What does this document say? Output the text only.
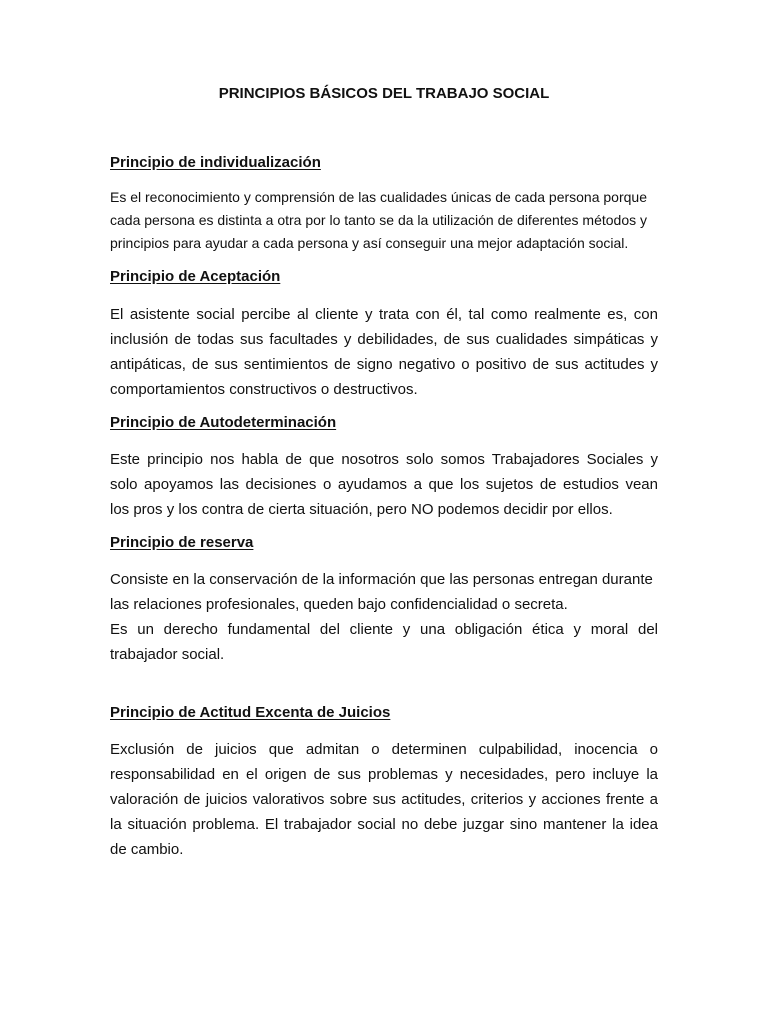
PRINCIPIOS BÁSICOS DEL TRABAJO SOCIAL
Principio de individualización
Es el reconocimiento y comprensión de las cualidades únicas de cada persona porque
cada persona es distinta a otra por lo tanto se da la utilización de diferentes métodos y
principios para ayudar a cada persona y así conseguir una mejor adaptación social.
Principio de Aceptación
El asistente social percibe al cliente y trata con él, tal como realmente es, con
inclusión de todas sus facultades y debilidades, de sus cualidades simpáticas y
antipáticas, de sus sentimientos de signo negativo o positivo de sus actitudes y
comportamientos constructivos o destructivos.
Principio de Autodeterminación
Este principio nos habla de que nosotros solo somos Trabajadores Sociales y
solo apoyamos las decisiones o ayudamos a que los sujetos de estudios vean
los pros y los contra de cierta situación, pero NO podemos decidir por ellos.
Principio de reserva
Consiste en la conservación de la información que las personas entregan durante
las relaciones profesionales, queden bajo confidencialidad o secreta.
Es un derecho fundamental del cliente y una obligación ética y moral del
trabajador social.
Principio de Actitud Excenta de Juicios
Exclusión de juicios que admitan o determinen culpabilidad, inocencia o
responsabilidad en el origen de sus problemas y necesidades, pero incluye la
valoración de juicios valorativos sobre sus actitudes, criterios y acciones frente a
la situación problema. El trabajador social no debe juzgar sino mantener la idea
de cambio.
